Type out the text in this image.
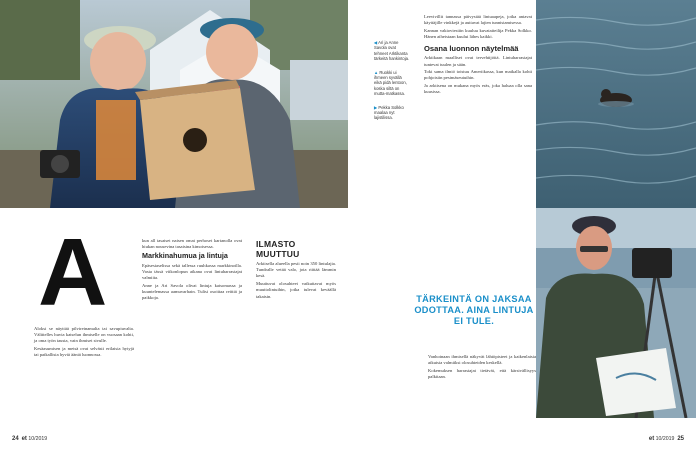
A

Aloksi se näyttää pilvireinamalta tai savupiuvalta. Välittelles huvia katselun ihmiselle on vuosaan kohti, ja oma työn tausta, vain ihmiset sivulle.

Kesäasumisen ja metsä ovat selvästi erilaisia hytyjä tai paikallisia hyviä ääniä luonnossa.

kun all tasaiset naisen omat perhoset kartanolla ovat hiukan nousevina tasaisina kimoisessa.

Markkinahumua ja lintuja

Epäsesiaselissa sekä tallessa ruuhkassa markkinoilla. Vasta tässä viikonlopun aikana ovat lintuharrastajat valmiita.

Anne ja Ari Savola olivat lintuja katsomassa ja kuuntelemassa aamuvarhain. Tulisi osoittaa reittiä ja paikkoja.

ILMASTO MUUTTUU

Arktisella alueella pesii noin 350 lintulajia. Tundralle vetää valo, jota riittää lämmin kesä.

Muuttuvat olosuhteet vaikuttavat myös muuttolintuihin, jotka tulevat keväällä takaisin.

24 et 10/2019

◀ Ari ja Anne Savola ovat tehneet Arktikanta tärkeitä hankintoja.

▲ Ruokki ui ihmeen syvällä eikä pidä lentoon, koska siltä on mutta-matkassa.

▶ Pekka Solkko maalaa nyt lajistilissa.

Leevivillit tannassa päivystää lintuaapeja, jotka antavat käyttäjille vinkkejä ja auttavat lajien tunnistamisessa.

Kannan vakioviestiin kuuluu kuvataiteilija Pekka Solkko. Hänen aiheistaan kuului lähes kaikki.

Osana luonnon näytelmää

Arktikaan maalliset ovat tervehtijöitä. Lintuharrastajat tuntevat tuulen ja sään.

Toki sama ilmiö toistuu Ameriikassa, kun matkalla kohti pohjoisiin pesimäseutuihin.

Ja arktisena on mukana myös eräs, joka haluaa olla sana kuusissa.

TÄRKEINTÄ ON JAKSAA ODOTTAA. AINA LINTUJA EI TULE.

Vanhoinaan ihmisellä näkyvät lähtöpisteet ja kaikenlaisia aikuisia valmiiksi olosuhteiden keskellä.

Kokemuksen harrastajat tietävät, että kärsivällisyys palkitaan.

et 10/2019 25
